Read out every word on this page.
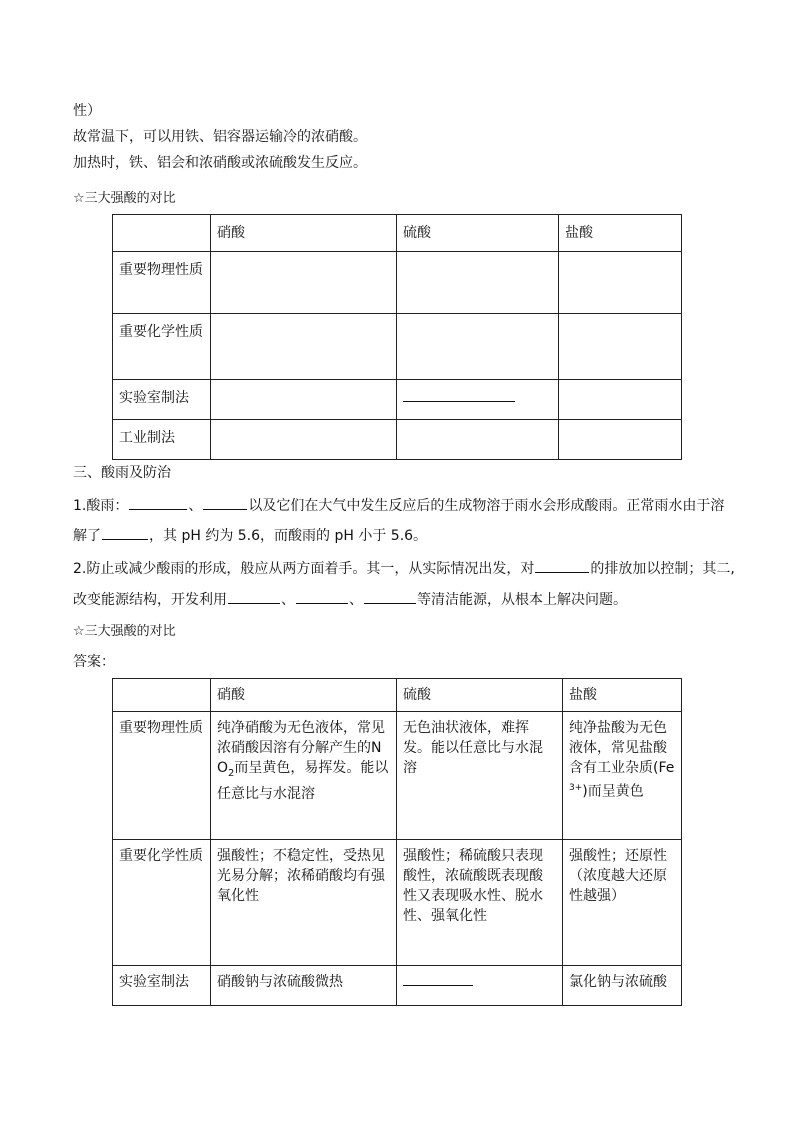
性）
故常温下，可以用铁、铝容器运输冷的浓硝酸。
加热时，铁、铝会和浓硝酸或浓硫酸发生反应。
☆三大强酸的对比
	硝酸	硫酸	盐酸
重要物理性质			
重要化学性质			
实验室制法		

工业制法			
三、酸雨及防治
1.酸雨：	、	以及它们在大气中发生反应后的生成物溶于雨水会形成酸雨。正常雨水由于溶
解了	，其 pH 约为 5.6，而酸雨的 pH 小于 5.6。
2.防止或减少酸雨的形成，般应从两方面着手。其一，从实际情况出发，对	的排放加以控制；其二,
改变能源结构，开发利用	、	、	等清洁能源，从根本上解决问题。
☆三大强酸的对比
答案：
	硝酸	硫酸	盐酸
重要物理性质	纯净硝酸为无色液体，常见浓硝酸因溶有分解产生的$NO_2$而呈黄色，易挥发。能以任意比与水混溶	无色油状液体，难挥发。能以任意比与水混溶	纯净盐酸为无色液体，常见盐酸含有工业杂质$(Fe^{3+})$而呈黄色
重要化学性质	强酸性；不稳定性，受热见光易分解；浓稀硝酸均有强氧化性	强酸性；稀硫酸只表现酸性，浓硫酸既表现酸性又表现吸水性、脱水性、强氧化性	强酸性；还原性（浓度越大还原性越强）
实验室制法	硝酸钠与浓硫酸微热		氯化钠与浓硫酸
